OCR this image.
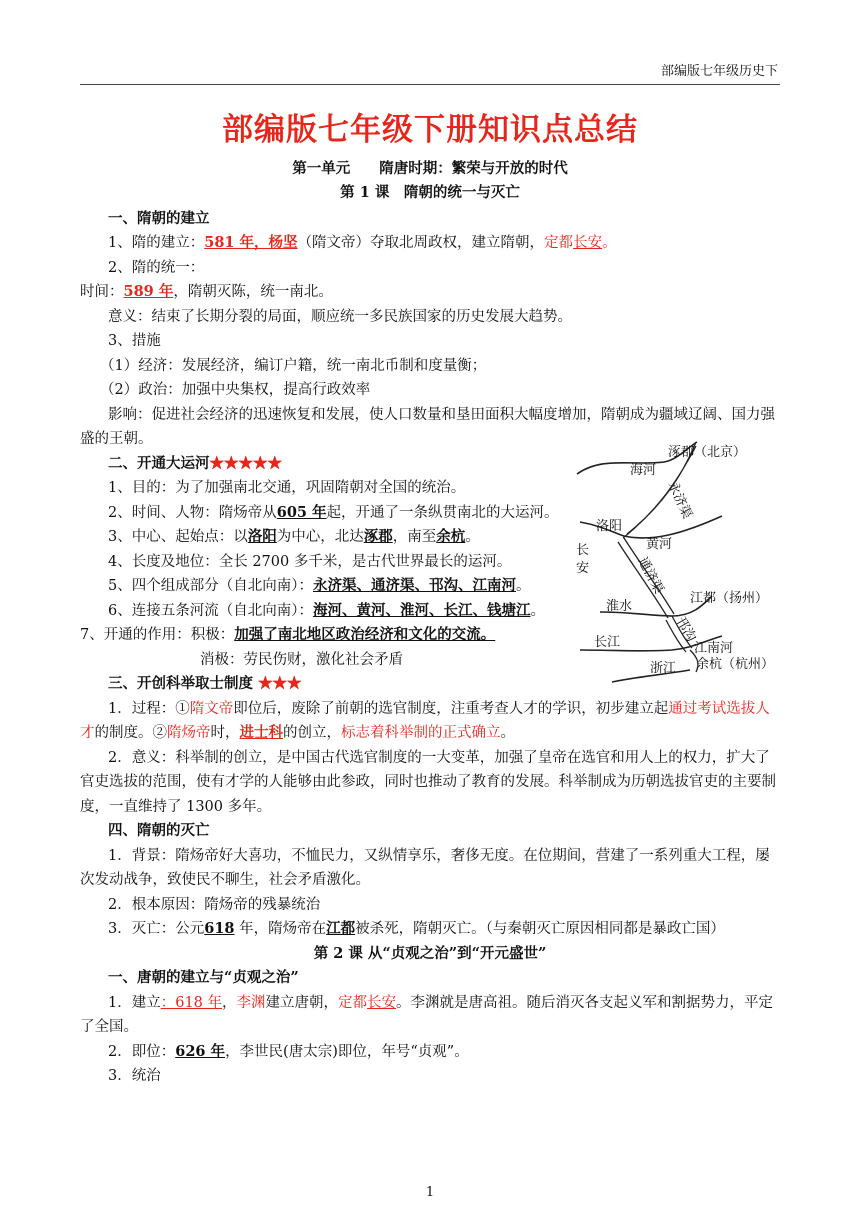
部编版七年级历史下
部编版七年级下册知识点总结
第一单元　　隋唐时期：繁荣与开放的时代
第 1 课　隋朝的统一与灭亡
一、隋朝的建立
1、隋的建立：581 年，杨坚（隋文帝）夺取北周政权，建立隋朝，定都长安。
2、隋的统一：
时间：589 年，隋朝灭陈，统一南北。
意义：结束了长期分裂的局面，顺应统一多民族国家的历史发展大趋势。
3、措施
（1）经济：发展经济，编订户籍，统一南北币制和度量衡；
（2）政治：加强中央集权，提高行政效率
影响：促进社会经济的迅速恢复和发展，使人口数量和垦田面积大幅度增加，隋朝成为疆域辽阔、国力强盛的王朝。
二、开通大运河★★★★★
1、目的：为了加强南北交通，巩固隋朝对全国的统治。
2、时间、人物：隋炀帝从605 年起，开通了一条纵贯南北的大运河。
3、中心、起始点：以洛阳为中心，北达涿郡，南至余杭。
4、长度及地位：全长 2700 多千米，是古代世界最长的运河。
5、四个组成部分（自北向南）：永济渠、通济渠、邗沟、江南河。
6、连接五条河流（自北向南）：海河、黄河、淮河、长江、钱塘江。
7、开通的作用：积极：加强了南北地区政治经济和文化的交流。
消极：劳民伤财，激化社会矛盾
三、开创科举取士制度 ★★★
1．过程：①隋文帝即位后，废除了前朝的选官制度，注重考查人才的学识，初步建立起通过考试选拔人才的制度。②隋炀帝时，进士科的创立，标志着科举制的正式确立。
2．意义：科举制的创立，是中国古代选官制度的一大变革，加强了皇帝在选官和用人上的权力，扩大了官吏选拔的范围，使有才学的人能够由此参政，同时也推动了教育的发展。科举制成为历朝选拔官吏的主要制度，一直维持了 1300 多年。
四、隋朝的灭亡
1．背景：隋炀帝好大喜功，不恤民力，又纵情享乐，奢侈无度。在位期间，营建了一系列重大工程，屡次发动战争，致使民不聊生，社会矛盾激化。
2．根本原因：隋炀帝的残暴统治
3．灭亡：公元618 年，隋炀帝在江都被杀死，隋朝灭亡。（与秦朝灭亡原因相同都是暴政亡国）
第 2 课 从“贞观之治”到“开元盛世”
一、唐朝的建立与“贞观之治”
1．建立：618 年，李渊建立唐朝，定都长安。李渊就是唐高祖。随后消灭各支起义军和割据势力，平定了全国。
2．即位：626 年，李世民(唐太宗)即位，年号“贞观”。
3．统治
涿郡（北京）
海河
永济渠
洛阳
长安
黄河
通济渠
淮水
江都（扬州）
邗沟
长江	江南河
浙江 余杭（杭州）
1
